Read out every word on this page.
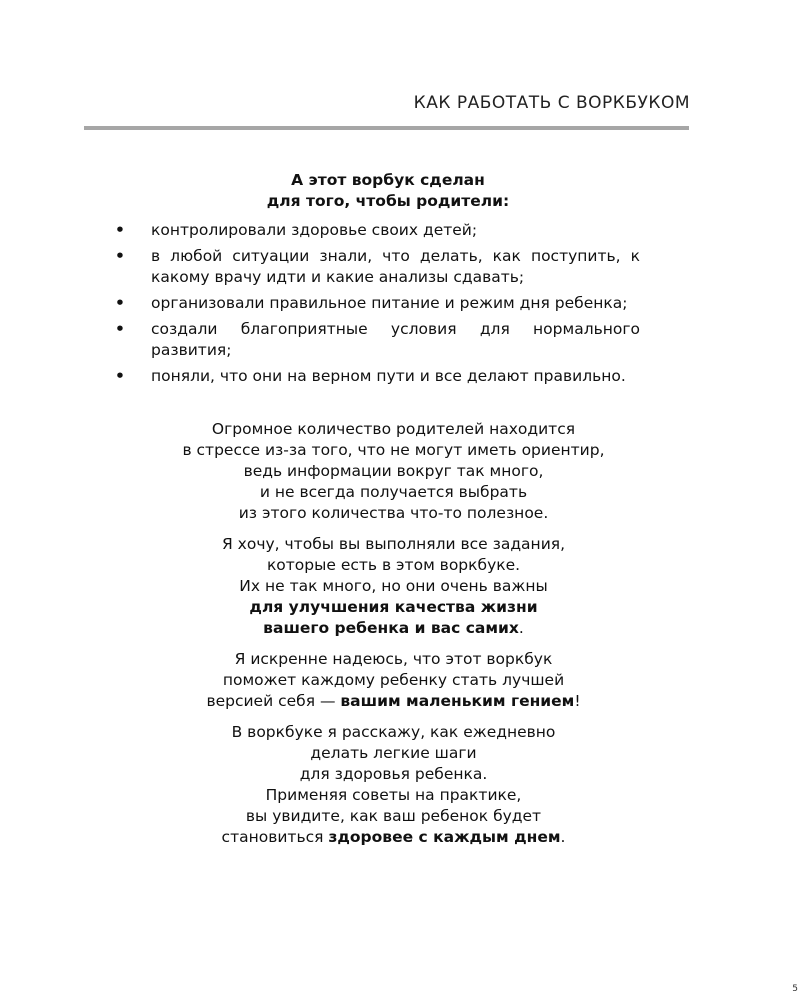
КАК РАБОТАТЬ С ВОРКБУКОМ
А этот ворбук сделан
для того, чтобы родители:
• контролировали здоровье своих детей;
• в любой ситуации знали, что делать, как поступить, к какому врачу идти и какие анализы сдавать;
• организовали правильное питание и режим дня ребенка;
• создали благоприятные условия для нормального развития;
• поняли, что они на верном пути и все делают правильно.
Огромное количество родителей находится
в стрессе из-за того, что не могут иметь ориентир,
ведь информации вокруг так много,
и не всегда получается выбрать
из этого количества что-то полезное.
Я хочу, чтобы вы выполняли все задания,
которые есть в этом воркбуке.
Их не так много, но они очень важны
для улучшения качества жизни
вашего ребенка и вас самих.
Я искренне надеюсь, что этот воркбук
поможет каждому ребенку стать лучшей
версией себя — вашим маленьким гением!
В воркбуке я расскажу, как ежедневно
делать легкие шаги
для здоровья ребенка.
Применяя советы на практике,
вы увидите, как ваш ребенок будет
становиться здоровее с каждым днем.
5
